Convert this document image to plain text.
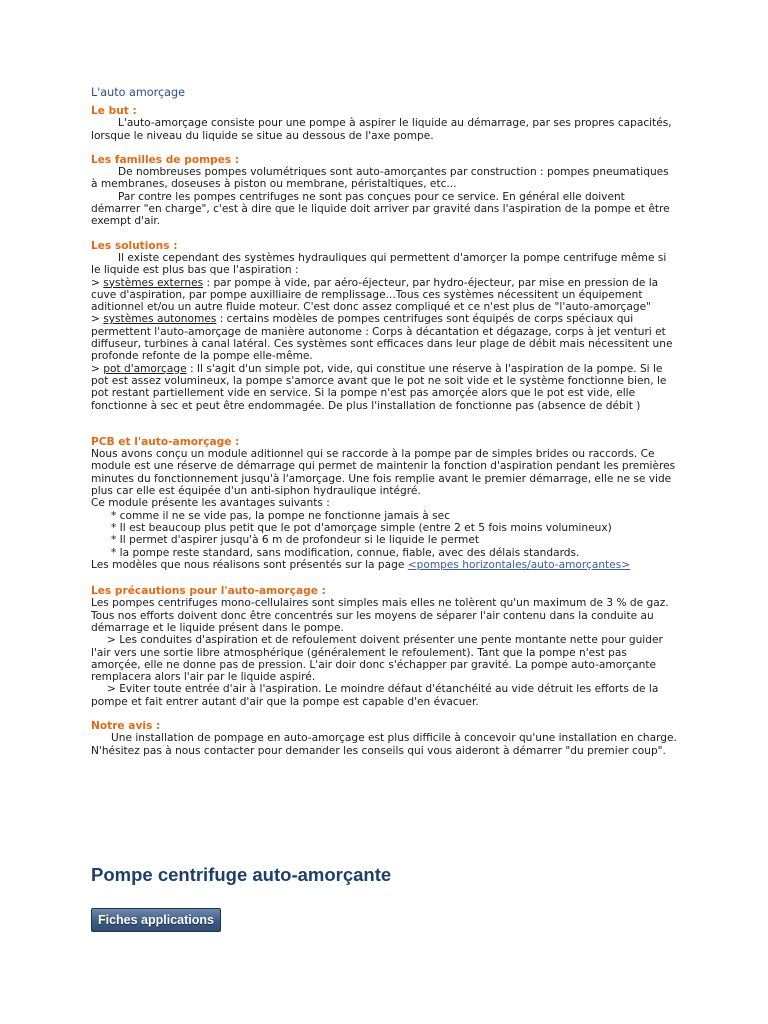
L'auto amorçage

Le but :

L'auto-amorçage consiste pour une pompe à aspirer le liquide au démarrage, par ses propres capacités, lorsque le niveau du liquide se situe au dessous de l'axe pompe.

Les familles de pompes :

De nombreuses pompes volumétriques sont auto-amorçantes par construction : pompes pneumatiques à membranes, doseuses à piston ou membrane, péristaltiques, etc...

Par contre les pompes centrifuges ne sont pas conçues pour ce service. En général elle doivent démarrer "en charge", c'est à dire que le liquide doit arriver par gravité dans l'aspiration de la pompe et être exempt d'air.

Les solutions :

Il existe cependant des systèmes hydrauliques qui permettent d'amorçer la pompe centrifuge même si le liquide est plus bas que l'aspiration :

> systèmes externes : par pompe à vide, par aéro-éjecteur, par hydro-éjecteur, par mise en pression de la cuve d'aspiration, par pompe auxilliaire de remplissage...Tous ces systèmes nécessitent un équipement aditionnel et/ou un autre fluide moteur. C'est donc assez compliqué et ce n'est plus de "l'auto-amorçage"

> systèmes autonomes : certains modèles de pompes centrifuges sont équipés de corps spéciaux qui permettent l'auto-amorçage de manière autonome : Corps à décantation et dégazage, corps à jet venturi et diffuseur, turbines à canal latéral. Ces systèmes sont efficaces dans leur plage de débit mais nécessitent une profonde refonte de la pompe elle-même.

> pot d'amorçage : Il s'agit d'un simple pot, vide, qui constitue une réserve à l'aspiration de la pompe. Si le pot est assez volumineux, la pompe s'amorce avant que le pot ne soit vide et le système fonctionne bien, le pot restant partiellement vide en service. Si la pompe n'est pas amorçée alors que le pot est vide, elle fonctionne à sec et peut être endommagée. De plus l'installation de fonctionne pas (absence de débit )

PCB et l'auto-amorçage :

Nous avons conçu un module aditionnel qui se raccorde à la pompe par de simples brides ou raccords. Ce module est une réserve de démarrage qui permet de maintenir la fonction d'aspiration pendant les premières minutes du fonctionnement jusqu'à l'amorçage. Une fois remplie avant le premier démarrage, elle ne se vide plus car elle est équipée d'un anti-siphon hydraulique intégré.

Ce module présente les avantages suivants :

* comme il ne se vide pas, la pompe ne fonctionne jamais à sec

* Il est beaucoup plus petit que le pot d'amorçage simple (entre 2 et 5 fois moins volumineux)

* Il permet d'aspirer jusqu'à 6 m de profondeur si le liquide le permet

* la pompe reste standard, sans modification, connue, fiable, avec des délais standards.

Les modèles que nous réalisons sont présentés sur la page <pompes horizontales/auto-amorçantes>

Les précautions pour l'auto-amorçage :

Les pompes centrifuges mono-cellulaires sont simples mais elles ne tolèrent qu'un maximum de 3 % de gaz.

Tous nos efforts doivent donc être concentrés sur les moyens de séparer l'air contenu dans la conduite au démarrage et le liquide présent dans le pompe.

> Les conduites d'aspiration et de refoulement doivent présenter une pente montante nette pour guider l'air vers une sortie libre atmosphérique (généralement le refoulement). Tant que la pompe n'est pas amorçée, elle ne donne pas de pression. L'air doir donc s'échapper par gravité. La pompe auto-amorçante remplacera alors l'air par le liquide aspiré.

> Eviter toute entrée d'air à l'aspiration. Le moindre défaut d'étanchéité au vide détruit les efforts de la pompe et fait entrer autant d'air que la pompe est capable d'en évacuer.

Notre avis :

Une installation de pompage en auto-amorçage est plus difficile à concevoir qu'une installation en charge. N'hésitez pas à nous contacter pour demander les conseils qui vous aideront à démarrer "du premier coup".

Pompe centrifuge auto-amorçante
Fiches applications
